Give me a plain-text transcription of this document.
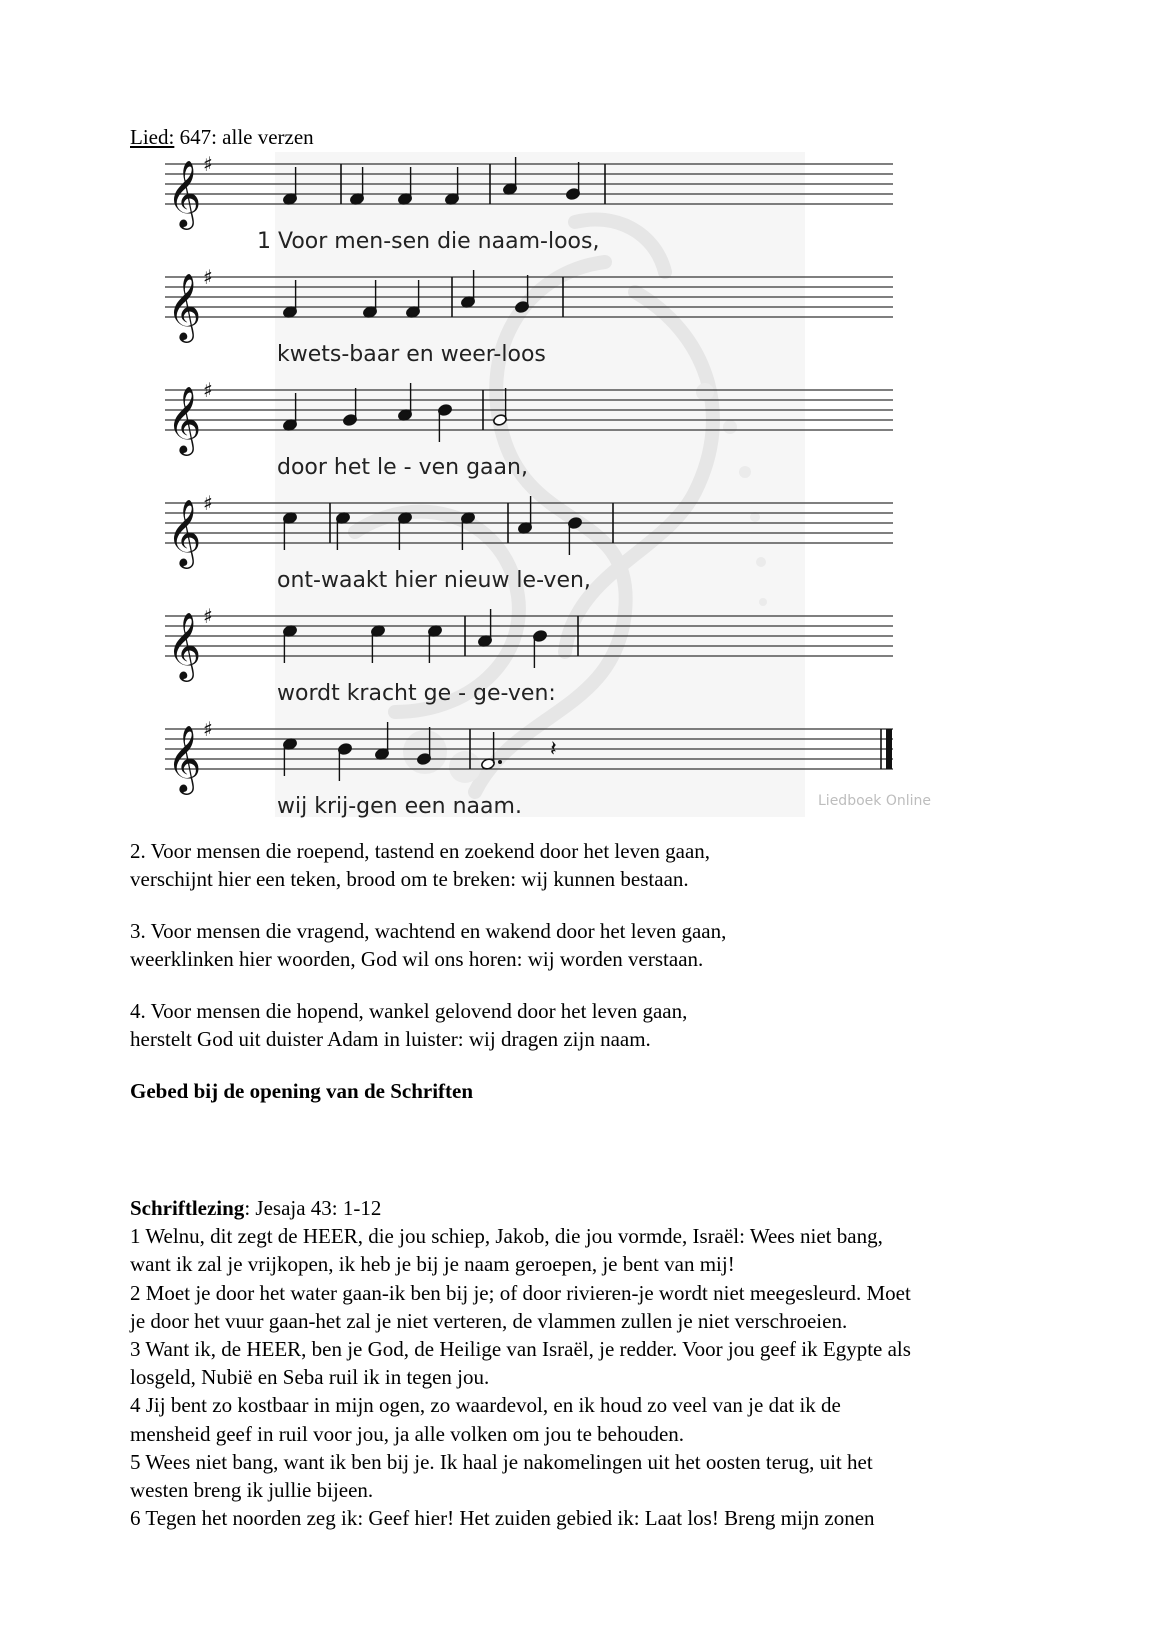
Lied: 647: alle verzen
𝄞 ♯
𝄞 ♯
𝄞 ♯
𝄞 ♯
𝄞 ♯
𝄞 ♯
𝄽
1 Voor men-sen die naam-loos,
kwets-baar en weer-loos
door het le - ven gaan,
ont-waakt hier nieuw le-ven,
wordt kracht ge - ge-ven:
wij krij-gen een naam.	Liedboek Online

2. Voor mensen die roepend, tastend en zoekend door het leven gaan,

verschijnt hier een teken, brood om te breken: wij kunnen bestaan.

3. Voor mensen die vragend, wachtend en wakend door het leven gaan,

weerklinken hier woorden, God wil ons horen: wij worden verstaan.

4. Voor mensen die hopend, wankel gelovend door het leven gaan,

herstelt God uit duister Adam in luister: wij dragen zijn naam.

Gebed bij de opening van de Schriften

Schriftlezing: Jesaja 43: 1-12

1 Welnu, dit zegt de HEER, die jou schiep, Jakob, die jou vormde, Israël: Wees niet bang,

want ik zal je vrijkopen, ik heb je bij je naam geroepen, je bent van mij!

2 Moet je door het water gaan-ik ben bij je; of door rivieren-je wordt niet meegesleurd. Moet

je door het vuur gaan-het zal je niet verteren, de vlammen zullen je niet verschroeien.

3 Want ik, de HEER, ben je God, de Heilige van Israël, je redder. Voor jou geef ik Egypte als

losgeld, Nubië en Seba ruil ik in tegen jou.

4 Jij bent zo kostbaar in mijn ogen, zo waardevol, en ik houd zo veel van je dat ik de

mensheid geef in ruil voor jou, ja alle volken om jou te behouden.

5 Wees niet bang, want ik ben bij je. Ik haal je nakomelingen uit het oosten terug, uit het

westen breng ik jullie bijeen.

6 Tegen het noorden zeg ik: Geef hier! Het zuiden gebied ik: Laat los! Breng mijn zonen
